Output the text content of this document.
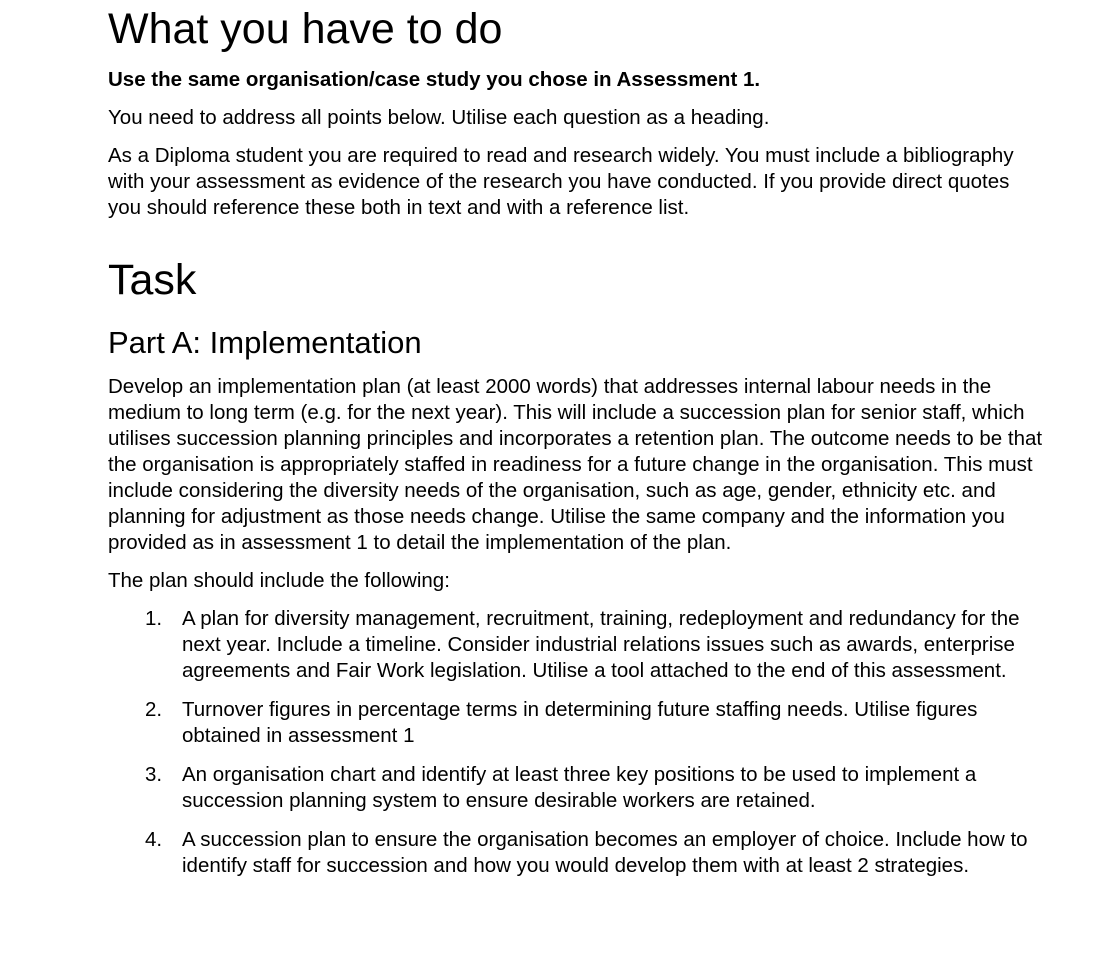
What you have to do

Use the same organisation/case study you chose in Assessment 1.

You need to address all points below. Utilise each question as a heading.

As a Diploma student you are required to read and research widely. You must include a bibliography with your assessment as evidence of the research you have conducted. If you provide direct quotes you should reference these both in text and with a reference list.

Task
Part A: Implementation

Develop an implementation plan (at least 2000 words) that addresses internal labour needs in the medium to long term (e.g. for the next year). This will include a succession plan for senior staff, which utilises succession planning principles and incorporates a retention plan. The outcome needs to be that the organisation is appropriately staffed in readiness for a future change in the organisation. This must include considering the diversity needs of the organisation, such as age, gender, ethnicity etc. and planning for adjustment as those needs change. Utilise the same company and the information you provided as in assessment 1 to detail the implementation of the plan.

The plan should include the following:

1. A plan for diversity management, recruitment, training, redeployment and redundancy for the next year. Include a timeline. Consider industrial relations issues such as awards, enterprise agreements and Fair Work legislation. Utilise a tool attached to the end of this assessment.
2. Turnover figures in percentage terms in determining future staffing needs. Utilise figures obtained in assessment 1
3. An organisation chart and identify at least three key positions to be used to implement a succession planning system to ensure desirable workers are retained.
4. A succession plan to ensure the organisation becomes an employer of choice. Include how to identify staff for succession and how you would develop them with at least 2 strategies.
